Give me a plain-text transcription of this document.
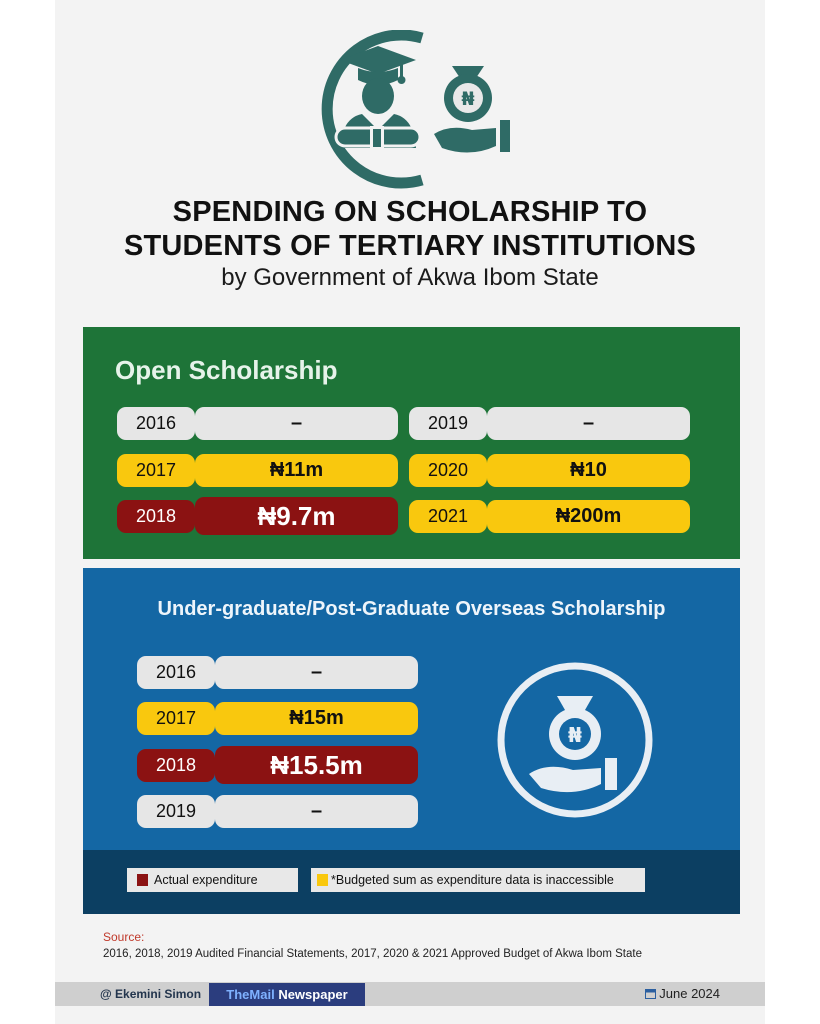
₦
SPENDING ON SCHOLARSHIP TO
STUDENTS OF TERTIARY INSTITUTIONS
by Government of Akwa Ibom State
Open Scholarship
2016	–
2017	₦11m
2018	₦9.7m
2019	–
2020	₦10
2021	₦200m
Under-graduate/Post-Graduate Overseas Scholarship
2016	–
2017	₦15m
2018	₦15.5m
2019	–
₦
Actual expenditure	*Budgeted sum as expenditure data is inaccessible
Source:
2016, 2018, 2019 Audited Financial Statements, 2017, 2020 & 2021 Approved Budget of Akwa Ibom State
@ Ekemini Simon	TheMail Newspaper	June 2024
